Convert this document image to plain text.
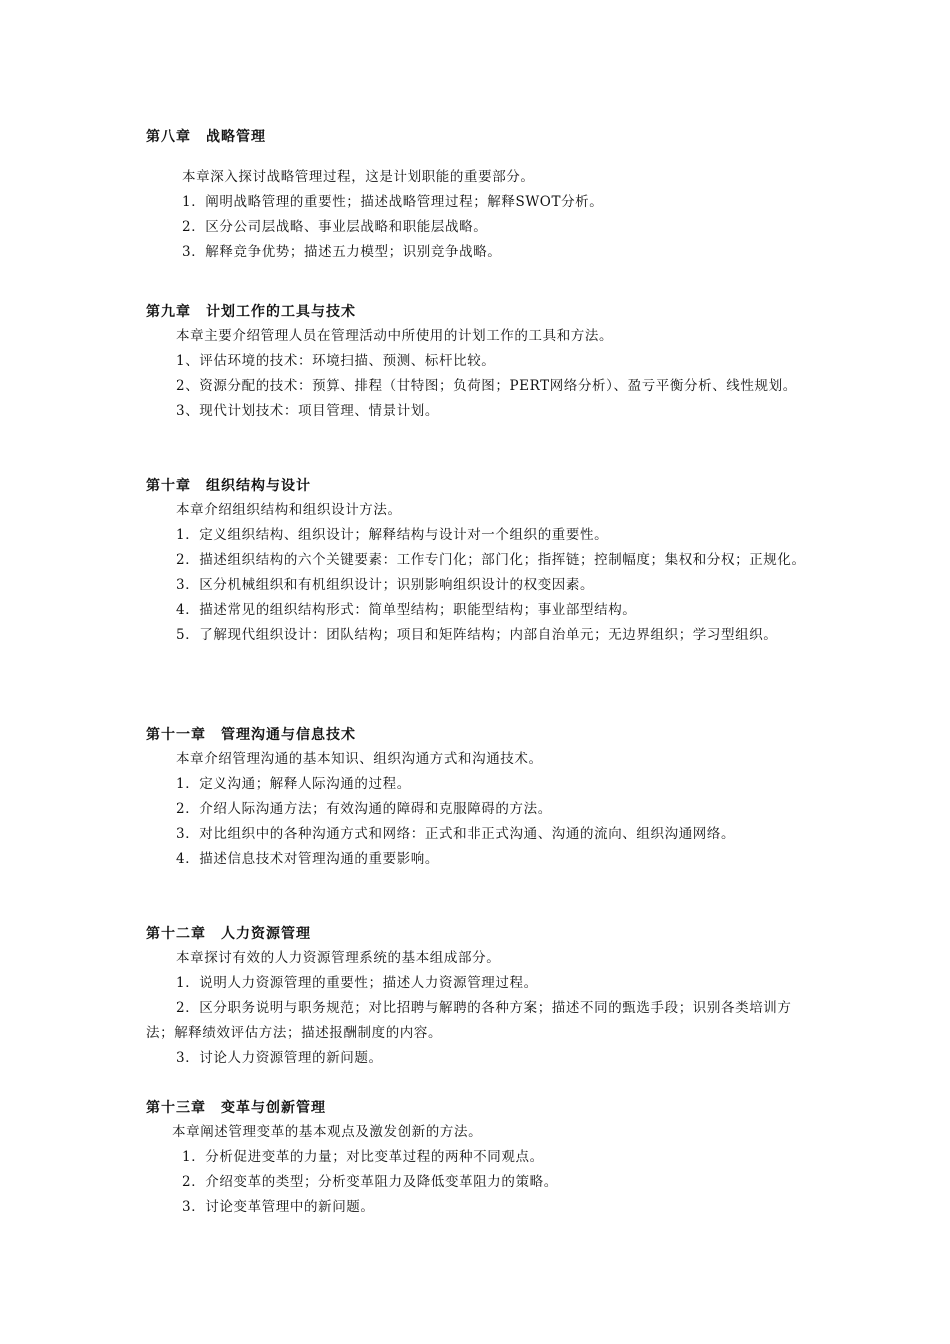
第八章　战略管理
本章深入探讨战略管理过程，这是计划职能的重要部分。
1．阐明战略管理的重要性；描述战略管理过程；解释SWOT分析。
2．区分公司层战略、事业层战略和职能层战略。
3．解释竞争优势；描述五力模型；识别竞争战略。
第九章　计划工作的工具与技术
本章主要介绍管理人员在管理活动中所使用的计划工作的工具和方法。
1、评估环境的技术：环境扫描、预测、标杆比较。
2、资源分配的技术：预算、排程（甘特图；负荷图；PERT网络分析）、盈亏平衡分析、线性规划。
3、现代计划技术：项目管理、情景计划。
第十章　组织结构与设计
本章介绍组织结构和组织设计方法。
1．定义组织结构、组织设计；解释结构与设计对一个组织的重要性。
2．描述组织结构的六个关键要素：工作专门化；部门化；指挥链；控制幅度；集权和分权；正规化。
3．区分机械组织和有机组织设计；识别影响组织设计的权变因素。
4．描述常见的组织结构形式：简单型结构；职能型结构；事业部型结构。
5．了解现代组织设计：团队结构；项目和矩阵结构；内部自治单元；无边界组织；学习型组织。
第十一章　管理沟通与信息技术
本章介绍管理沟通的基本知识、组织沟通方式和沟通技术。
1．定义沟通；解释人际沟通的过程。
2．介绍人际沟通方法；有效沟通的障碍和克服障碍的方法。
3．对比组织中的各种沟通方式和网络：正式和非正式沟通、沟通的流向、组织沟通网络。
4．描述信息技术对管理沟通的重要影响。
第十二章　人力资源管理
本章探讨有效的人力资源管理系统的基本组成部分。
1．说明人力资源管理的重要性；描述人力资源管理过程。
2．区分职务说明与职务规范；对比招聘与解聘的各种方案；描述不同的甄选手段；识别各类培训方法；解释绩效评估方法；描述报酬制度的内容。
3．讨论人力资源管理的新问题。
第十三章　变革与创新管理
本章阐述管理变革的基本观点及激发创新的方法。
1．分析促进变革的力量；对比变革过程的两种不同观点。
2．介绍变革的类型；分析变革阻力及降低变革阻力的策略。
3．讨论变革管理中的新问题。
